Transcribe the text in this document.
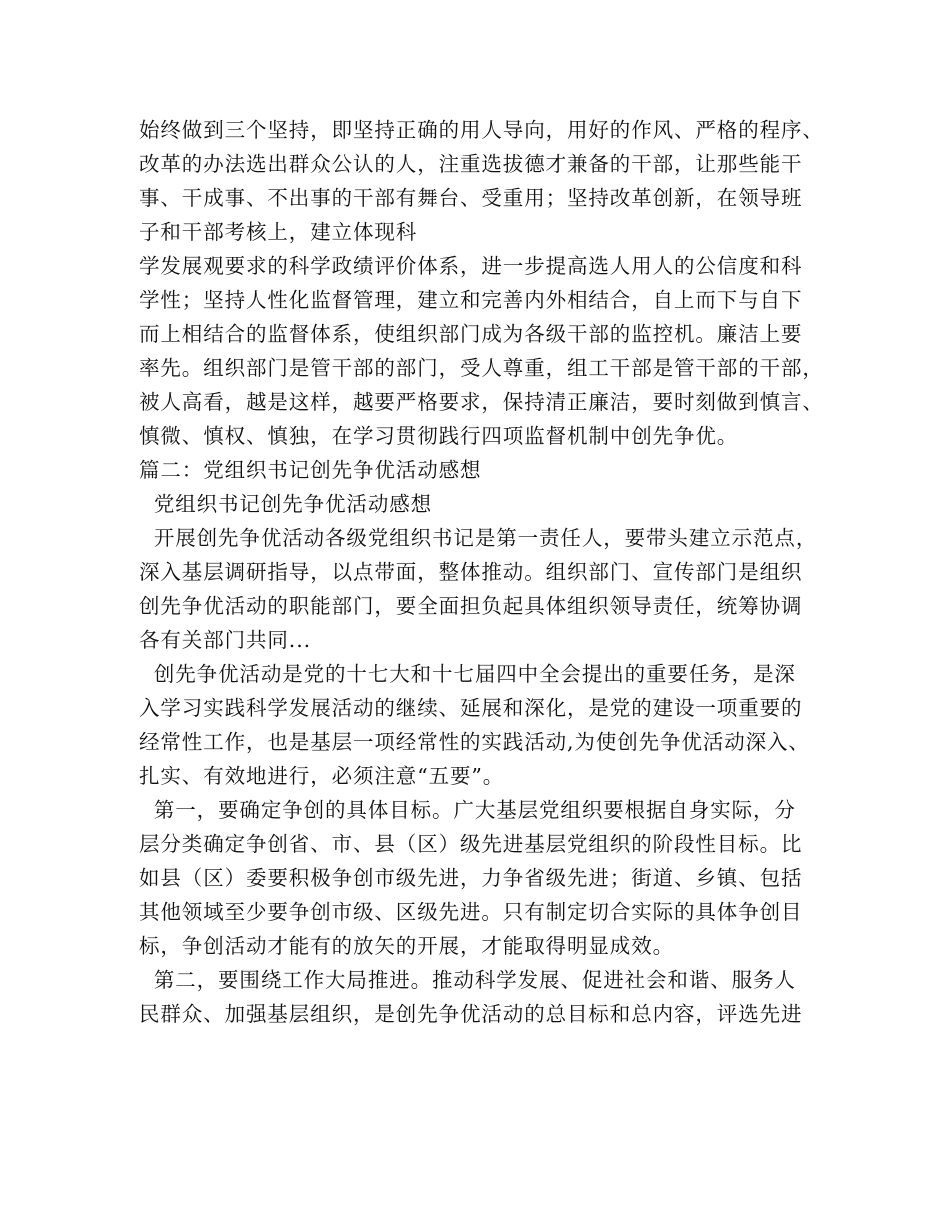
始终做到三个坚持，即坚持正确的用人导向，用好的作风、严格的程序、
改革的办法选出群众公认的人，注重选拔德才兼备的干部，让那些能干
事、干成事、不出事的干部有舞台、受重用；坚持改革创新，在领导班
子和干部考核上，建立体现科
学发展观要求的科学政绩评价体系，进一步提高选人用人的公信度和科
学性；坚持人性化监督管理，建立和完善内外相结合，自上而下与自下
而上相结合的监督体系，使组织部门成为各级干部的监控机。廉洁上要
率先。组织部门是管干部的部门，受人尊重，组工干部是管干部的干部，
被人高看，越是这样，越要严格要求，保持清正廉洁，要时刻做到慎言、
慎微、慎权、慎独，在学习贯彻践行四项监督机制中创先争优。
篇二：党组织书记创先争优活动感想
党组织书记创先争优活动感想
开展创先争优活动各级党组织书记是第一责任人，要带头建立示范点，
深入基层调研指导，以点带面，整体推动。组织部门、宣传部门是组织
创先争优活动的职能部门，要全面担负起具体组织领导责任，统筹协调
各有关部门共同...
创先争优活动是党的十七大和十七届四中全会提出的重要任务，是深
入学习实践科学发展活动的继续、延展和深化，是党的建设一项重要的
经常性工作，也是基层一项经常性的实践活动,为使创先争优活动深入、
扎实、有效地进行，必须注意“五要”。
第一，要确定争创的具体目标。广大基层党组织要根据自身实际，分
层分类确定争创省、市、县（区）级先进基层党组织的阶段性目标。比
如县（区）委要积极争创市级先进，力争省级先进；街道、乡镇、包括
其他领域至少要争创市级、区级先进。只有制定切合实际的具体争创目
标，争创活动才能有的放矢的开展，才能取得明显成效。
第二，要围绕工作大局推进。推动科学发展、促进社会和谐、服务人
民群众、加强基层组织，是创先争优活动的总目标和总内容，评选先进
